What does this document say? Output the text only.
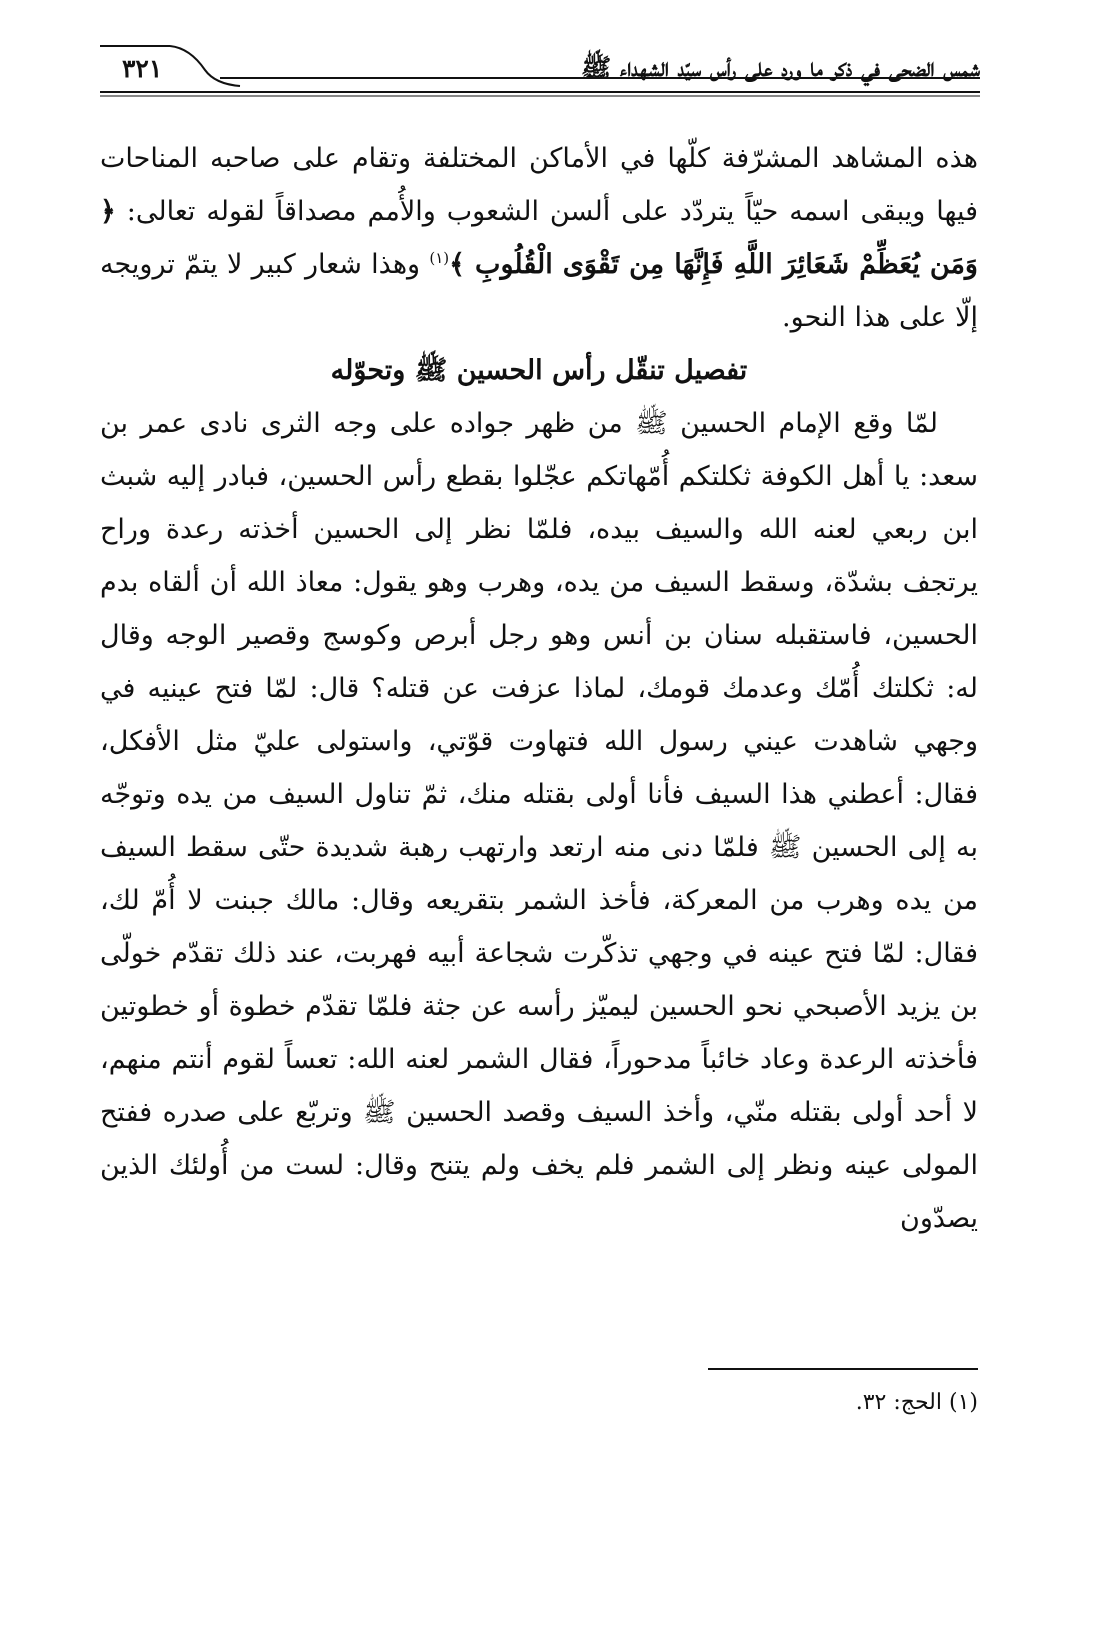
شمس الضحى في ذكر ما ورد على رأس سيّد الشهداء ﷺ
٣٢١

هذه المشاهد المشرّفة كلّها في الأماكن المختلفة وتقام على صاحبه المناحات فيها ويبقى اسمه حيّاً يتردّد على ألسن الشعوب والأُمم مصداقاً لقوله تعالى: ﴿ وَمَن يُعَظِّمْ شَعَائِرَ اللَّهِ فَإِنَّهَا مِن تَقْوَى الْقُلُوبِ ﴾$^{(١)}$ وهذا شعار كبير لا يتمّ ترويجه إلّا على هذا النحو.

تفصيل تنقّل رأس الحسين ﷺ وتحوّله

لمّا وقع الإمام الحسين ﷺ من ظهر جواده على وجه الثرى نادى عمر بن سعد: يا أهل الكوفة ثكلتكم أُمّهاتكم عجّلوا بقطع رأس الحسين، فبادر إليه شبث ابن ربعي لعنه الله والسيف بيده، فلمّا نظر إلى الحسين أخذته رعدة وراح يرتجف بشدّة، وسقط السيف من يده، وهرب وهو يقول: معاذ الله أن ألقاه بدم الحسين، فاستقبله سنان بن أنس وهو رجل أبرص وكوسج وقصير الوجه وقال له: ثكلتك أُمّك وعدمك قومك، لماذا عزفت عن قتله؟ قال: لمّا فتح عينيه في وجهي شاهدت عيني رسول الله فتهاوت قوّتي، واستولى عليّ مثل الأفكل، فقال: أعطني هذا السيف فأنا أولى بقتله منك، ثمّ تناول السيف من يده وتوجّه به إلى الحسين ﷺ فلمّا دنى منه ارتعد وارتهب رهبة شديدة حتّى سقط السيف من يده وهرب من المعركة، فأخذ الشمر بتقريعه وقال: مالك جبنت لا أُمّ لك، فقال: لمّا فتح عينه في وجهي تذكّرت شجاعة أبيه فهربت، عند ذلك تقدّم خولّى بن يزيد الأصبحي نحو الحسين ليميّز رأسه عن جثة فلمّا تقدّم خطوة أو خطوتين فأخذته الرعدة وعاد خائباً مدحوراً، فقال الشمر لعنه الله: تعساً لقوم أنتم منهم، لا أحد أولى بقتله منّي، وأخذ السيف وقصد الحسين ﷺ وتربّع على صدره ففتح المولى عينه ونظر إلى الشمر فلم يخف ولم يتنح وقال: لست من أُولئك الذين يصدّون

(١) الحج: ٣٢.
